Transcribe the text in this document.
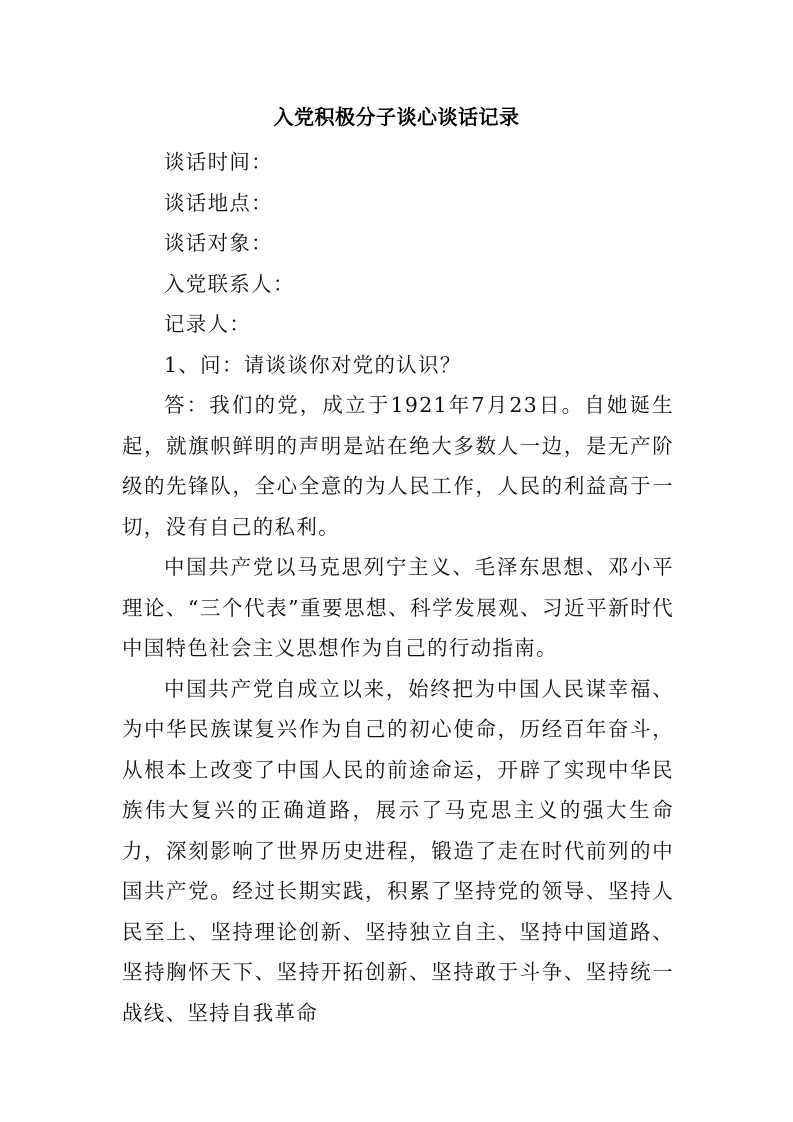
入党积极分子谈心谈话记录

谈话时间：

谈话地点：

谈话对象：

入党联系人：

记录人：

1、问：请谈谈你对党的认识？

答：我们的党，成立于1921年7月23日。自她诞生起，就旗帜鲜明的声明是站在绝大多数人一边，是无产阶级的先锋队，全心全意的为人民工作，人民的利益高于一切，没有自己的私利。

中国共产党以马克思列宁主义、毛泽东思想、邓小平理论、“三个代表”重要思想、科学发展观、习近平新时代中国特色社会主义思想作为自己的行动指南。

中国共产党自成立以来，始终把为中国人民谋幸福、为中华民族谋复兴作为自己的初心使命，历经百年奋斗，从根本上改变了中国人民的前途命运，开辟了实现中华民族伟大复兴的正确道路，展示了马克思主义的强大生命力，深刻影响了世界历史进程，锻造了走在时代前列的中国共产党。经过长期实践，积累了坚持党的领导、坚持人民至上、坚持理论创新、坚持独立自主、坚持中国道路、坚持胸怀天下、坚持开拓创新、坚持敢于斗争、坚持统一战线、坚持自我革命
